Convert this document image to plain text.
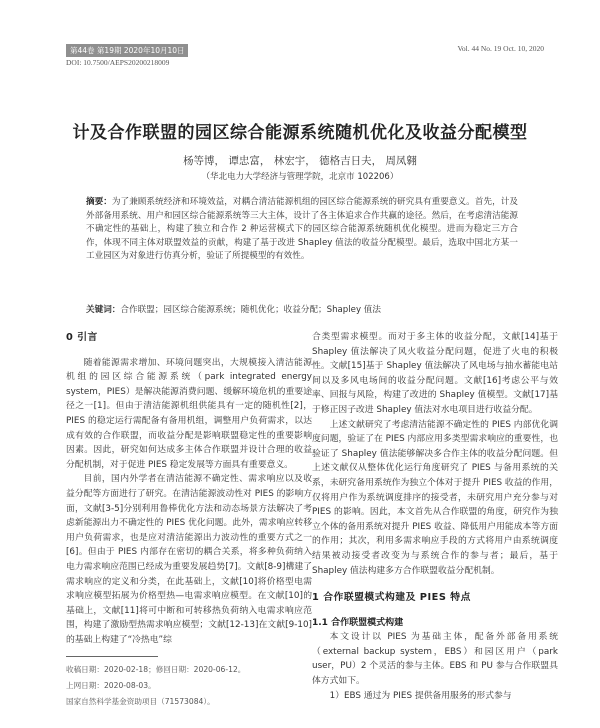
第44卷 第19期 2020年10月10日	Vol. 44 No. 19 Oct. 10, 2020
DOI: 10.7500/AEPS20200218009
计及合作联盟的园区综合能源系统随机优化及收益分配模型
杨等博， 谭忠富， 林宏宇， 德格吉日夫， 周凤翱
（华北电力大学经济与管理学院，北京市 102206）
摘要：为了兼顾系统经济和环境效益，对耦合清洁能源机组的园区综合能源系统的研究具有重要意义。首先，计及外部备用系统、用户和园区综合能源系统等三大主体，设计了各主体追求合作共赢的途径。然后，在考虑清洁能源不确定性的基础上，构建了独立和合作 2 种运营模式下的园区综合能源系统随机优化模型。进而为稳定三方合作，体现不同主体对联盟效益的贡献，构建了基于改进 Shapley 值法的收益分配模型。最后，选取中国北方某一工业园区为对象进行仿真分析，验证了所提模型的有效性。
关键词：合作联盟；园区综合能源系统；随机优化；收益分配；Shapley 值法
0 引言

随着能源需求增加、环境问题突出，大规模接入清洁能源机组的园区综合能源系统（park integrated energy system，PIES）是解决能源消费问题、缓解环境危机的重要途径之一[1]。但由于清洁能源机组供能具有一定的随机性[2]，PIES 的稳定运行需配备有备用机组，调整用户负荷需求，以达成有效的合作联盟，而收益分配是影响联盟稳定性的重要影响因素。因此，研究如何达成多主体合作联盟并设计合理的收益分配机制，对于促进 PIES 稳定发展等方面具有重要意义。

目前，国内外学者在清洁能源不确定性、需求响应以及收益分配等方面进行了研究。在清洁能源波动性对 PIES 的影响方面，文献[3-5]分别利用鲁棒优化方法和动态场景方法解决了考虑新能源出力不确定性的 PIES 优化问题。此外，需求响应转移用户负荷需求，也是应对清洁能源出力波动性的重要方式之一[6]。但由于 PIES 内部存在密切的耦合关系，将多种负荷纳入电力需求响应范围已经成为重要发展趋势[7]。文献[8-9]構建了需求响应的定义和分类，在此基础上，文献[10]将价格型电需求响应模型拓展为价格型热—电需求响应模型。在文献[10]的基础上，文献[11]将可中断和可转移热负荷纳入电需求响应范围，构建了激励型热需求响应模型；文献[12-13]在文献[9-10]的基础上构建了“冷热电”综

合类型需求模型。而对于多主体的收益分配，文献[14]基于 Shapley 值法解决了风火收益分配问题，促进了火电的积极性。文献[15]基于 Shapley 值法解决了风电场与抽水蓄能电站间以及多风电场间的收益分配问题。文献[16]考虑公平与效率、回报与风险，构建了改进的 Shapley 值模型。文献[17]基于修正因子改进 Shapley 值法对水电项目进行收益分配。

上述文献研究了考虑清洁能源不确定性的 PIES 内部优化调度问题，验证了在 PIES 内部应用多类型需求响应的重要性，也验证了 Shapley 值法能够解决多合作主体的收益分配问题。但上述文献仅从整体优化运行角度研究了 PIES 与备用系统的关系，未研究备用系统作为独立个体对于提升 PIES 收益的作用，仅将用户作为系统调度排序的接受者，未研究用户充分参与对 PIES 的影响。因此，本文首先从合作联盟的角度，研究作为独立个体的备用系统对提升 PIES 收益、降低用户用能成本等方面的作用；其次，利用多需求响应手段的方式将用户由系统调度结果被动接受者改变为与系统合作的参与者；最后，基于 Shapley 值法构建多方合作联盟收益分配机制。

1 合作联盟模式构建及 PIES 特点
1.1 合作联盟模式构建

本文设计以 PIES 为基础主体，配备外部备用系统（external backup system，EBS）和园区用户（park user，PU）2 个灵活的参与主体。EBS 和 PU 参与合作联盟具体方式如下。

1）EBS 通过为 PIES 提供备用服务的形式参与

收稿日期：2020-02-18；修回日期：2020-06-12。
上网日期：2020-08-03。
国家自然科学基金资助项目（71573084）。
